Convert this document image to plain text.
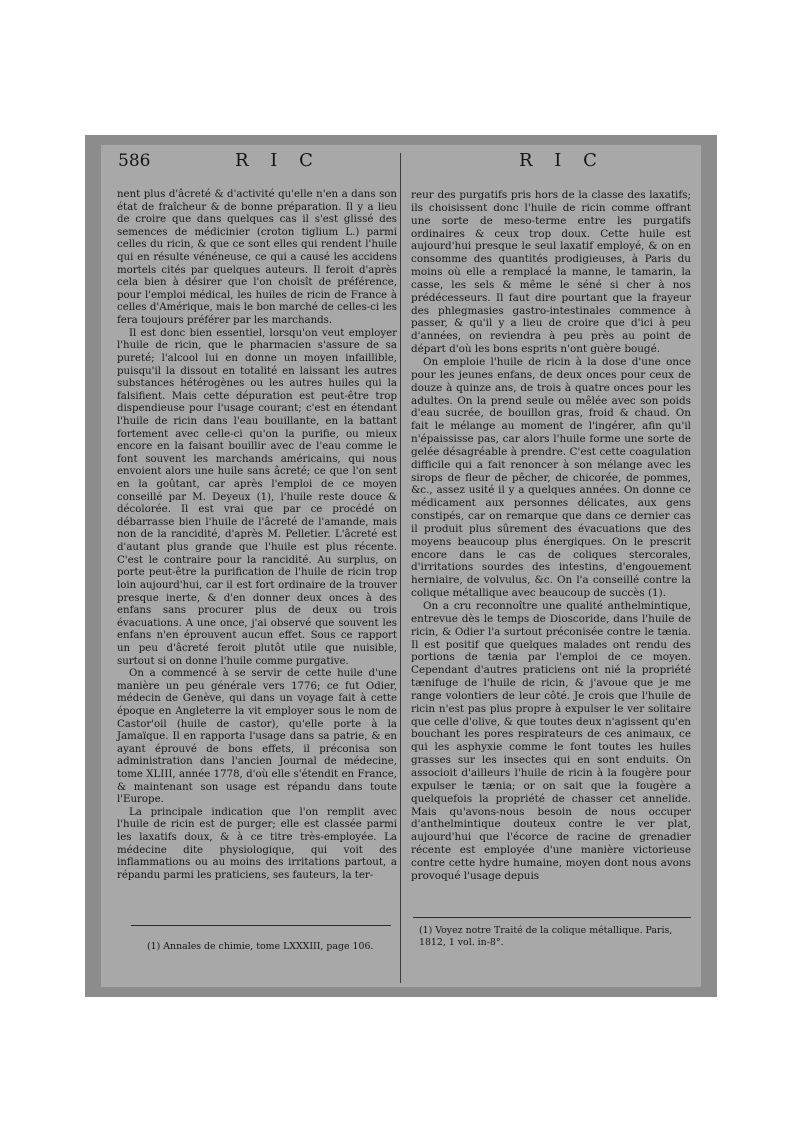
586	R I C	R I C

nent plus d'âcreté & d'activité qu'elle n'en a dans son état de fraîcheur & de bonne préparation. Il y a lieu de croire que dans quelques cas il s'est glissé des semences de médicinier (croton tiglium L.) parmi celles du ricin, & que ce sont elles qui rendent l'huile qui en résulte vénéneuse, ce qui a causé les accidens mortels cités par quelques auteurs. Il feroit d'après cela bien à désirer que l'on choisît de préférence, pour l'emploi médical, les huiles de ricin de France à celles d'Amérique, mais le bon marché de celles-ci les fera toujours préférer par les marchands.

Il est donc bien essentiel, lorsqu'on veut employer l'huile de ricin, que le pharmacien s'assure de sa pureté; l'alcool lui en donne un moyen infaillible, puisqu'il la dissout en totalité en laissant les autres substances hétérogènes ou les autres huiles qui la falsifient. Mais cette dépuration est peut-être trop dispendieuse pour l'usage courant; c'est en étendant l'huile de ricin dans l'eau bouillante, en la battant fortement avec celle-ci qu'on la purifie, ou mieux encore en la faisant bouillir avec de l'eau comme le font souvent les marchands américains, qui nous envoient alors une huile sans âcreté; ce que l'on sent en la goûtant, car après l'emploi de ce moyen conseillé par M. Deyeux (1), l'huile reste douce & décolorée. Il est vrai que par ce procédé on débarrasse bien l'huile de l'âcreté de l'amande, mais non de la rancidité, d'après M. Pelletier. L'âcreté est d'autant plus grande que l'huile est plus récente. C'est le contraire pour la rancidité. Au surplus, on porte peut-être la purification de l'huile de ricin trop loin aujourd'hui, car il est fort ordinaire de la trouver presque inerte, & d'en donner deux onces à des enfans sans procurer plus de deux ou trois évacuations. A une once, j'ai observé que souvent les enfans n'en éprouvent aucun effet. Sous ce rapport un peu d'âcreté feroit plutôt utile que nuisible, surtout si on donne l'huile comme purgative.

On a commencé à se servir de cette huile d'une manière un peu générale vers 1776; ce fut Odier, médecin de Genève, qui dans un voyage fait à cette époque en Angleterre la vit employer sous le nom de Castor'oil (huile de castor), qu'elle porte à la Jamaïque. Il en rapporta l'usage dans sa patrie, & en ayant éprouvé de bons effets, il préconisa son administration dans l'ancien Journal de médecine, tome XLIII, année 1778, d'où elle s'étendit en France, & maintenant son usage est répandu dans toute l'Europe.

La principale indication que l'on remplit avec l'huile de ricin est de purger; elle est classée parmi les laxatifs doux, & à ce titre très-employée. La médecine dite physiologique, qui voit des inflammations ou au moins des irritations partout, a répandu parmi les praticiens, ses fauteurs, la ter-

reur des purgatifs pris hors de la classe des laxatifs; ils choisissent donc l'huile de ricin comme offrant une sorte de meso-terme entre les purgatifs ordinaires & ceux trop doux. Cette huile est aujourd'hui presque le seul laxatif employé, & on en consomme des quantités prodigieuses, à Paris du moins où elle a remplacé la manne, le tamarin, la casse, les sels & même le séné si cher à nos prédécesseurs. Il faut dire pourtant que la frayeur des phlegmasies gastro-intestinales commence à passer, & qu'il y a lieu de croire que d'ici à peu d'années, on reviendra à peu près au point de départ d'où les bons esprits n'ont guère bougé.

On emploie l'huile de ricin à la dose d'une once pour les jeunes enfans, de deux onces pour ceux de douze à quinze ans, de trois à quatre onces pour les adultes. On la prend seule ou mêlée avec son poids d'eau sucrée, de bouillon gras, froid & chaud. On fait le mélange au moment de l'ingérer, afin qu'il n'épaississe pas, car alors l'huile forme une sorte de gelée désagréable à prendre. C'est cette coagulation difficile qui a fait renoncer à son mélange avec les sirops de fleur de pêcher, de chicorée, de pommes, &c., assez usité il y a quelques années. On donne ce médicament aux personnes délicates, aux gens constipés, car on remarque que dans ce dernier cas il produit plus sûrement des évacuations que des moyens beaucoup plus énergiques. On le prescrit encore dans le cas de coliques stercorales, d'irritations sourdes des intestins, d'engouement herniaire, de volvulus, &c. On l'a conseillé contre la colique métallique avec beaucoup de succès (1).

On a cru reconnoître une qualité anthelmintique, entrevue dès le temps de Dioscoride, dans l'huile de ricin, & Odier l'a surtout préconisée contre le tænia. Il est positif que quelques malades ont rendu des portions de tænia par l'emploi de ce moyen. Cependant d'autres praticiens ont nié la propriété tænifuge de l'huile de ricin, & j'avoue que je me range volontiers de leur côté. Je crois que l'huile de ricin n'est pas plus propre à expulser le ver solitaire que celle d'olive, & que toutes deux n'agissent qu'en bouchant les pores respirateurs de ces animaux, ce qui les asphyxie comme le font toutes les huiles grasses sur les insectes qui en sont enduits. On associoit d'ailleurs l'huile de ricin à la fougère pour expulser le tænia; or on sait que la fougère a quelquefois la propriété de chasser cet annelide. Mais qu'avons-nous besoin de nous occuper d'anthelmintique douteux contre le ver plat, aujourd'hui que l'écorce de racine de grenadier récente est employée d'une manière victorieuse contre cette hydre humaine, moyen dont nous avons provoqué l'usage depuis

(1) Annales de chimie, tome LXXXIII, page 106.
(1) Voyez notre Traité de la colique métallique. Paris, 1812, 1 vol. in-8°.
